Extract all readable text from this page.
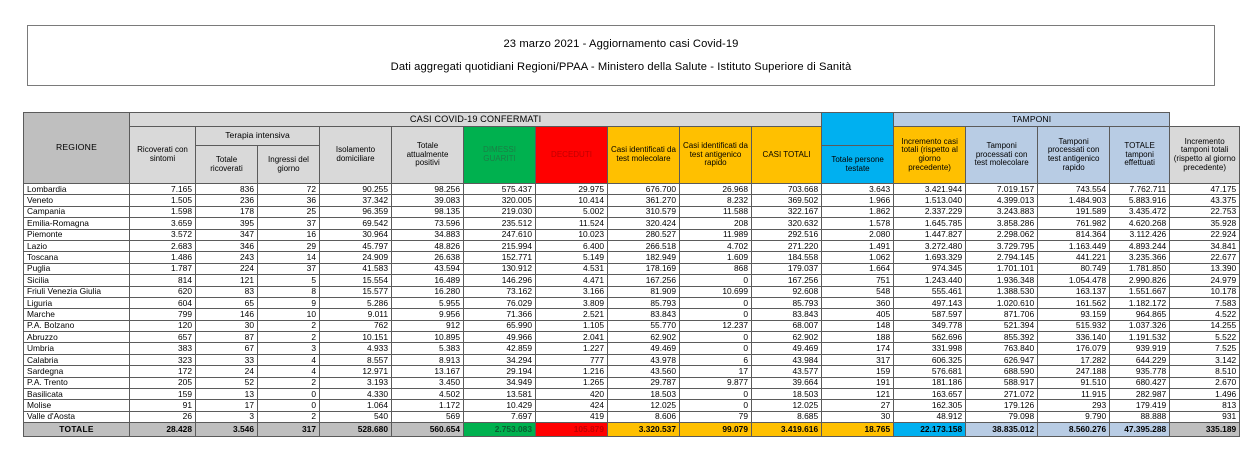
23 marzo 2021 - Aggiornamento casi Covid-19
Dati aggregati quotidiani Regioni/PPAA - Ministero della Salute - Istituto Superiore di Sanità
REGIONE	CASI COVID-19 CONFERMATI											TAMPONI				

	Ricoverati con sintomi	Terapia intensiva		Isolamento domiciliare	Totale attualmente positivi	DIMESSI GUARITI	DECEDUTI	Casi identificati da test molecolare	Casi identificati da test antigenico rapido	CASI TOTALI		Incremento casi totali (rispetto al giorno precedente)	Tamponi processati con test molecolare	Tamponi processati con test antigenico rapido	TOTALE tamponi effettuati	Incremento tamponi totali (rispetto al giorno precedente)

		Totale ricoverati	Ingressi del giorno								Totale persone testate					

Lombardia	7.165	836	72	90.255	98.256	575.437	29.975	676.700	26.968	703.668	3.643	3.421.944	7.019.157	743.554	7.762.711	47.175
Veneto	1.505	236	36	37.342	39.083	320.005	10.414	361.270	8.232	369.502	1.966	1.513.040	4.399.013	1.484.903	5.883.916	43.375
Campania	1.598	178	25	96.359	98.135	219.030	5.002	310.579	11.588	322.167	1.862	2.337.229	3.243.883	191.589	3.435.472	22.753
Emilia-Romagna	3.659	395	37	69.542	73.596	235.512	11.524	320.424	208	320.632	1.578	1.645.785	3.858.286	761.982	4.620.268	35.928
Piemonte	3.572	347	16	30.964	34.883	247.610	10.023	280.527	11.989	292.516	2.080	1.447.827	2.298.062	814.364	3.112.426	22.924
Lazio	2.683	346	29	45.797	48.826	215.994	6.400	266.518	4.702	271.220	1.491	3.272.480	3.729.795	1.163.449	4.893.244	34.841
Toscana	1.486	243	14	24.909	26.638	152.771	5.149	182.949	1.609	184.558	1.062	1.693.329	2.794.145	441.221	3.235.366	22.677
Puglia	1.787	224	37	41.583	43.594	130.912	4.531	178.169	868	179.037	1.664	974.345	1.701.101	80.749	1.781.850	13.390
Sicilia	814	121	5	15.554	16.489	146.296	4.471	167.256	0	167.256	751	1.243.440	1.936.348	1.054.478	2.990.826	24.979
Friuli Venezia Giulia	620	83	8	15.577	16.280	73.162	3.166	81.909	10.699	92.608	548	555.461	1.388.530	163.137	1.551.667	10.178
Liguria	604	65	9	5.286	5.955	76.029	3.809	85.793	0	85.793	360	497.143	1.020.610	161.562	1.182.172	7.583
Marche	799	146	10	9.011	9.956	71.366	2.521	83.843	0	83.843	405	587.597	871.706	93.159	964.865	4.522
P.A. Bolzano	120	30	2	762	912	65.990	1.105	55.770	12.237	68.007	148	349.778	521.394	515.932	1.037.326	14.255
Abruzzo	657	87	2	10.151	10.895	49.966	2.041	62.902	0	62.902	188	562.696	855.392	336.140	1.191.532	5.522
Umbria	383	67	3	4.933	5.383	42.859	1.227	49.469	0	49.469	174	331.998	763.840	176.079	939.919	7.525
Calabria	323	33	4	8.557	8.913	34.294	777	43.978	6	43.984	317	606.325	626.947	17.282	644.229	3.142
Sardegna	172	24	4	12.971	13.167	29.194	1.216	43.560	17	43.577	159	576.681	688.590	247.188	935.778	8.510
P.A. Trento	205	52	2	3.193	3.450	34.949	1.265	29.787	9.877	39.664	191	181.186	588.917	91.510	680.427	2.670
Basilicata	159	13	0	4.330	4.502	13.581	420	18.503	0	18.503	121	163.657	271.072	11.915	282.987	1.496
Molise	91	17	0	1.064	1.172	10.429	424	12.025	0	12.025	27	162.305	179.126	293	179.419	813
Valle d'Aosta	26	3	2	540	569	7.697	419	8.606	79	8.685	30	48.912	79.098	9.790	88.888	931
TOTALE	28.428	3.546	317	528.680	560.654	2.753.083	105.879	3.320.537	99.079	3.419.616	18.765	22.173.158	38.835.012	8.560.276	47.395.288	335.189
